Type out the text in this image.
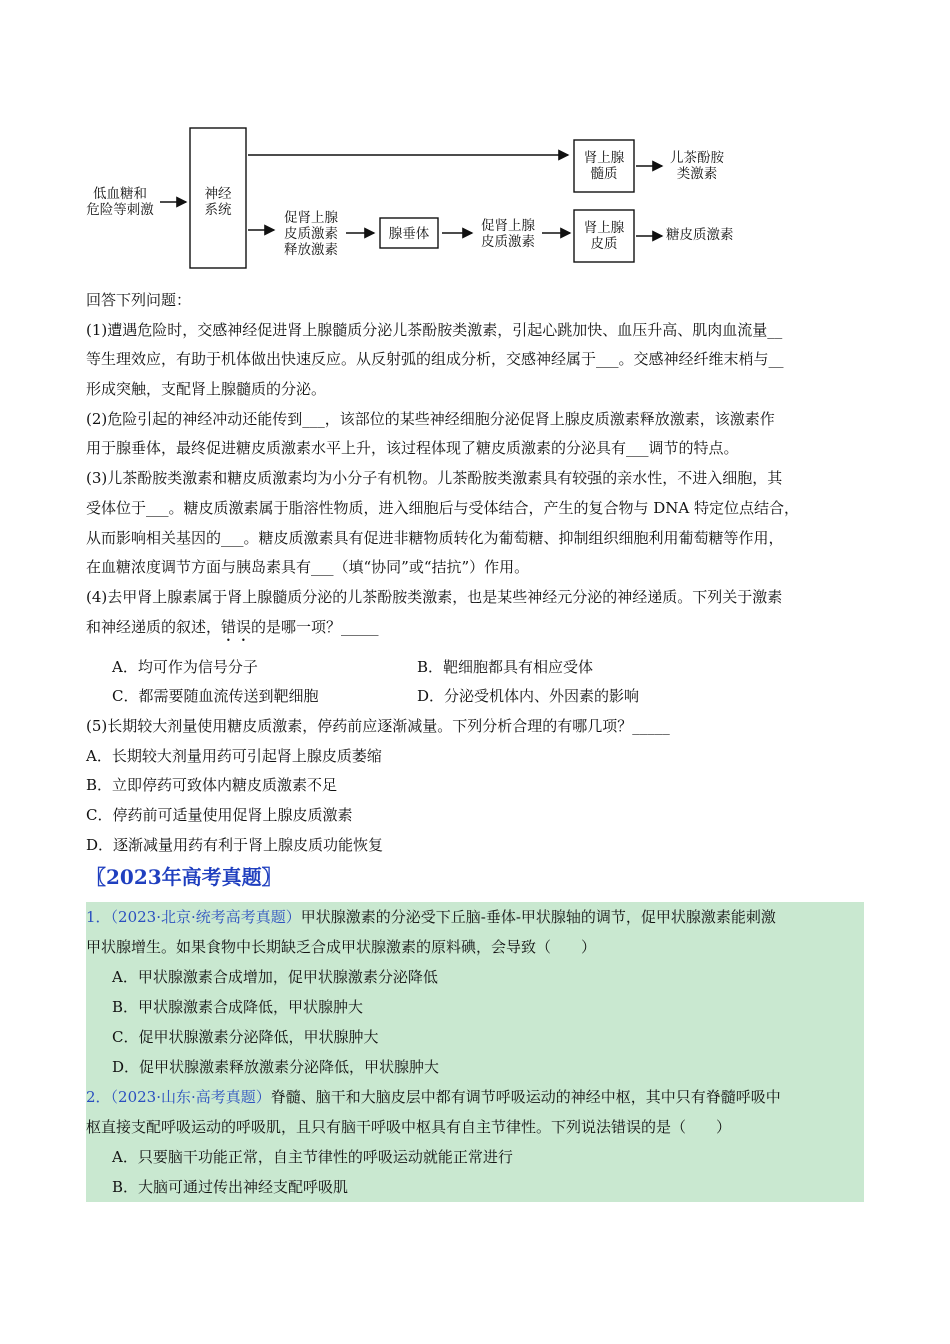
低血糖和
危险等刺激
神经
系统	促肾上腺
皮质激素
释放激素
腺垂体	促肾上腺
皮质激素
肾上腺
髓质
肾上腺
皮质
儿茶酚胺
类激素
糖皮质激素
回答下列问题：
(1)遭遇危险时，交感神经促进肾上腺髓质分泌儿茶酚胺类激素，引起心跳加快、血压升高、肌肉血流量__
等生理效应，有助于机体做出快速反应。从反射弧的组成分析，交感神经属于___。交感神经纤维末梢与__
形成突触，支配肾上腺髓质的分泌。
(2)危险引起的神经冲动还能传到___，该部位的某些神经细胞分泌促肾上腺皮质激素释放激素，该激素作
用于腺垂体，最终促进糖皮质激素水平上升，该过程体现了糖皮质激素的分泌具有___调节的特点。
(3)儿茶酚胺类激素和糖皮质激素均为小分子有机物。儿茶酚胺类激素具有较强的亲水性，不进入细胞，其
受体位于___。糖皮质激素属于脂溶性物质，进入细胞后与受体结合，产生的复合物与 DNA 特定位点结合，
从而影响相关基因的___。糖皮质激素具有促进非糖物质转化为葡萄糖、抑制组织细胞利用葡萄糖等作用，
在血糖浓度调节方面与胰岛素具有___（填“协同”或“拮抗”）作用。
(4)去甲肾上腺素属于肾上腺髓质分泌的儿茶酚胺类激素，也是某些神经元分泌的神经递质。下列关于激素
和神经递质的叙述，错误的是哪一项？_____
A．均可作为信号分子	B．靶细胞都具有相应受体
C．都需要随血流传送到靶细胞	D．分泌受机体内、外因素的影响
(5)长期较大剂量使用糖皮质激素，停药前应逐渐减量。下列分析合理的有哪几项？_____
A．长期较大剂量用药可引起肾上腺皮质萎缩
B．立即停药可致体内糖皮质激素不足
C．停药前可适量使用促肾上腺皮质激素
D．逐渐减量用药有利于肾上腺皮质功能恢复
〖2023年高考真题〗
1．（2023·北京·统考高考真题）甲状腺激素的分泌受下丘脑-垂体-甲状腺轴的调节，促甲状腺激素能刺激
甲状腺增生。如果食物中长期缺乏合成甲状腺激素的原料碘，会导致（　　）
A．甲状腺激素合成增加，促甲状腺激素分泌降低
B．甲状腺激素合成降低，甲状腺肿大
C．促甲状腺激素分泌降低，甲状腺肿大
D．促甲状腺激素释放激素分泌降低，甲状腺肿大
2．（2023·山东·高考真题）脊髓、脑干和大脑皮层中都有调节呼吸运动的神经中枢，其中只有脊髓呼吸中
枢直接支配呼吸运动的呼吸肌，且只有脑干呼吸中枢具有自主节律性。下列说法错误的是（　　）
A．只要脑干功能正常，自主节律性的呼吸运动就能正常进行
B．大脑可通过传出神经支配呼吸肌
